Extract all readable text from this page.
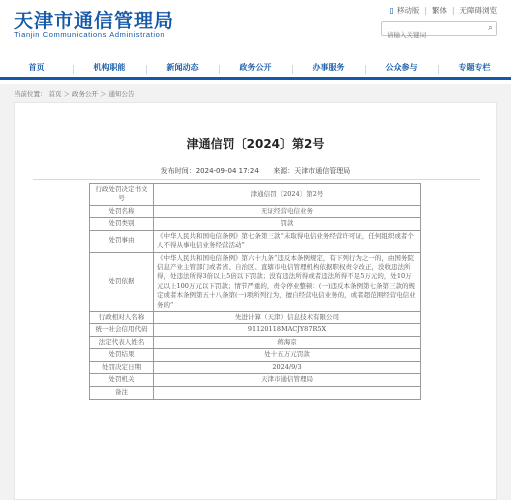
天津市通信管理局
Tianjin Communications Administration
▯ 移动版 | 繁体 | 无障碍浏览
请输入关键词
⌕
首页	机构职能	新闻动态	政务公开	办事服务	公众参与	专题专栏
当前位置： 首页 ＞ 政务公开 ＞ 通知公告
津通信罚〔2024〕第2号
发布时间：2024-09-04 17:24 来源：天津市通信管理局
行政处罚决定书文号	津通信罚〔2024〕第2号
处罚名称	无证经营电信业务
处罚类别	罚款
处罚事由	《中华人民共和国电信条例》第七条第三款“未取得电信业务经营许可证，任何组织或者个人不得从事电信业务经营活动”
处罚依据	《中华人民共和国电信条例》第六十九条“违反本条例规定，有下列行为之一的，由国务院信息产业主管部门或者省、自治区、直辖市电信管理机构依据职权责令改正，没收违法所得，处违法所得3倍以上5倍以下罚款；没有违法所得或者违法所得不足5万元的，处10万元以上100万元以下罚款；情节严重的，责令停业整顿：(一)违反本条例第七条第三款的规定或者本条例第五十八条第(一)项所列行为，擅自经营电信业务的，或者超范围经营电信业务的”
行政相对人名称	先进计算（天津）信息技术有限公司
统一社会信用代码	91120118MACJY87R5X
法定代表人姓名	蒋海京
处罚结果	处十五万元罚款
处罚决定日期	2024/9/3
处罚机关	天津市通信管理局
备注	
